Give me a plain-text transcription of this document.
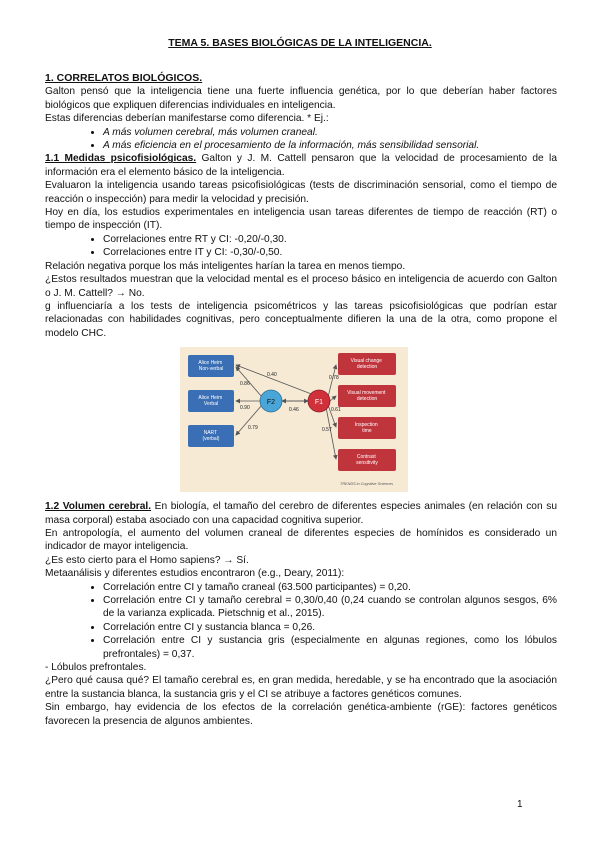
TEMA 5. BASES BIOLÓGICAS DE LA INTELIGENCIA.

1. CORRELATOS BIOLÓGICOS.

Galton pensó que la inteligencia tiene una fuerte influencia genética, por lo que deberían haber factores biológicos que expliquen diferencias individuales en inteligencia.

Estas diferencias deberían manifestarse como diferencia. * Ej.:

• A más volumen cerebral, más volumen craneal.
• A más eficiencia en el procesamiento de la información, más sensibilidad sensorial.

1.1 Medidas psicofisiológicas. Galton y J. M. Cattell pensaron que la velocidad de procesamiento de la información era el elemento básico de la inteligencia.

Evaluaron la inteligencia usando tareas psicofisiológicas (tests de discriminación sensorial, como el tiempo de reacción o inspección) para medir la velocidad y precisión.

Hoy en día, los estudios experimentales en inteligencia usan tareas diferentes de tiempo de reacción (RT) o tiempo de inspección (IT).

• Correlaciones entre RT y CI: -0,20/-0,30.
• Correlaciones entre IT y CI: -0,30/-0,50.

Relación negativa porque los más inteligentes harían la tarea en menos tiempo.

¿Estos resultados muestran que la velocidad mental es el proceso básico en inteligencia de acuerdo con Galton o J. M. Cattell? → No.

g influenciaría a los tests de inteligencia psicométricos y las tareas psicofisiológicas que podrían estar relacionadas con habilidades cognitivas, pero conceptualmente difieren la una de la otra, como propone el modelo CHC.

Alice Heim Non-verbal
Alice Heim Verbal
NART (verbal)
Visual change detection
Visual movement detection
Inspection time
Contrast sensitivity
F2	F1
0.40
0.86
0.90
0.79
0.46
0.78
0.61
0.57
TRENDS in Cognitive Sciences

1.2 Volumen cerebral. En biología, el tamaño del cerebro de diferentes especies animales (en relación con su masa corporal) estaba asociado con una capacidad cognitiva superior.

En antropología, el aumento del volumen craneal de diferentes especies de homínidos es considerado un indicador de mayor inteligencia.

¿Es esto cierto para el Homo sapiens? → Sí.

Metaanálisis y diferentes estudios encontraron (e.g., Deary, 2011):

• Correlación entre CI y tamaño craneal (63.500 participantes) = 0,20.
• Correlación entre CI y tamaño cerebral = 0,30/0,40 (0,24 cuando se controlan algunos sesgos, 6% de la varianza explicada. Pietschnig et al., 2015).
• Correlación entre CI y sustancia blanca = 0,26.
• Correlación entre CI y sustancia gris (especialmente en algunas regiones, como los lóbulos prefrontales) = 0,37.

- Lóbulos prefrontales.

¿Pero qué causa qué? El tamaño cerebral es, en gran medida, heredable, y se ha encontrado que la asociación entre la sustancia blanca, la sustancia gris y el CI se atribuye a factores genéticos comunes.

Sin embargo, hay evidencia de los efectos de la correlación genética-ambiente (rGE): factores genéticos favorecen la presencia de algunos ambientes.

1
